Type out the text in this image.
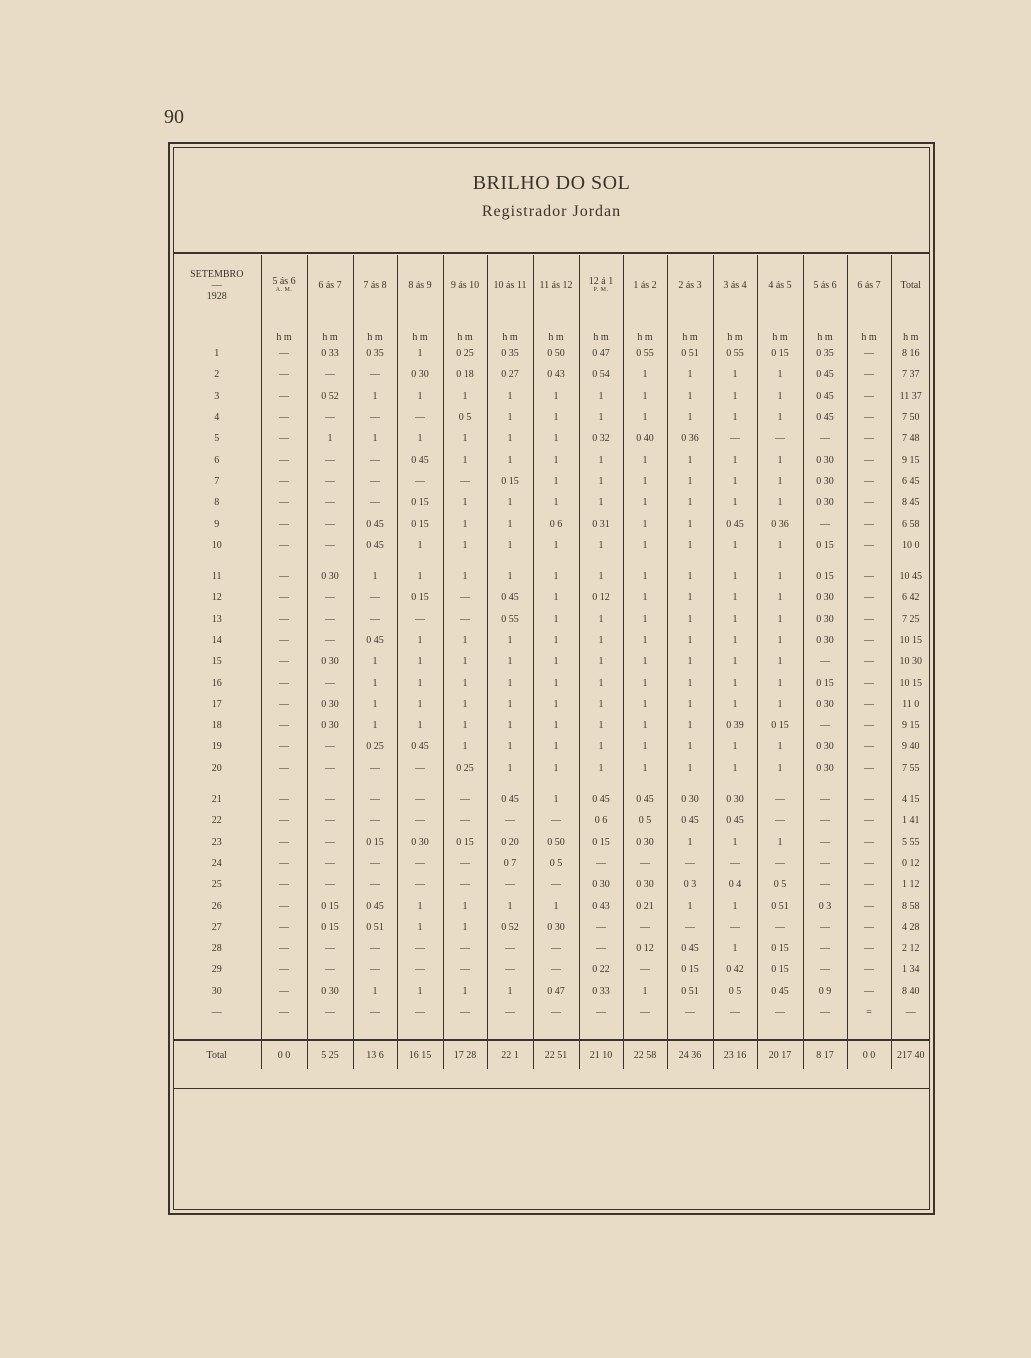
90
BRILHO DO SOL
Registrador Jordan
SETEMBRO
—
1928	5 ás 6
A. M.	6 ás 7	7 ás 8	8 ás 9	9 ás 10	10 ás 11	11 ás 12	12 á 1
P. M.	1 ás 2	2 ás 3	3 ás 4	4 ás 5	5 ás 6	6 ás 7	Total
	h m	h m	h m	h m	h m	h m	h m	h m	h m	h m	h m	h m	h m	h m	h m
1	—	0 33	0 35	1	0 25	0 35	0 50	0 47	0 55	0 51	0 55	0 15	0 35	—	8 16
2	—	—	—	0 30	0 18	0 27	0 43	0 54	1	1	1	1	0 45	—	7 37
3	—	0 52	1	1	1	1	1	1	1	1	1	1	0 45	—	11 37
4	—	—	—	—	0 5	1	1	1	1	1	1	1	0 45	—	7 50
5	—	1	1	1	1	1	1	0 32	0 40	0 36	—	—	—	—	7 48
6	—	—	—	0 45	1	1	1	1	1	1	1	1	0 30	—	9 15
7	—	—	—	—	—	0 15	1	1	1	1	1	1	0 30	—	6 45
8	—	—	—	0 15	1	1	1	1	1	1	1	1	0 30	—	8 45
9	—	—	0 45	0 15	1	1	0 6	0 31	1	1	0 45	0 36	—	—	6 58
10	—	—	0 45	1	1	1	1	1	1	1	1	1	0 15	—	10 0

11	—	0 30	1	1	1	1	1	1	1	1	1	1	0 15	—	10 45
12	—	—	—	0 15	—	0 45	1	0 12	1	1	1	1	0 30	—	6 42
13	—	—	—	—	—	0 55	1	1	1	1	1	1	0 30	—	7 25
14	—	—	0 45	1	1	1	1	1	1	1	1	1	0 30	—	10 15
15	—	0 30	1	1	1	1	1	1	1	1	1	1	—	—	10 30
16	—	—	1	1	1	1	1	1	1	1	1	1	0 15	—	10 15
17	—	0 30	1	1	1	1	1	1	1	1	1	1	0 30	—	11 0
18	—	0 30	1	1	1	1	1	1	1	1	0 39	0 15	—	—	9 15
19	—	—	0 25	0 45	1	1	1	1	1	1	1	1	0 30	—	9 40
20	—	—	—	—	0 25	1	1	1	1	1	1	1	0 30	—	7 55

21	—	—	—	—	—	0 45	1	0 45	0 45	0 30	0 30	—	—	—	4 15
22	—	—	—	—	—	—	—	0 6	0 5	0 45	0 45	—	—	—	1 41
23	—	—	0 15	0 30	0 15	0 20	0 50	0 15	0 30	1	1	1	—	—	5 55
24	—	—	—	—	—	0 7	0 5	—	—	—	—	—	—	—	0 12
25	—	—	—	—	—	—	—	0 30	0 30	0 3	0 4	0 5	—	—	1 12
26	—	0 15	0 45	1	1	1	1	0 43	0 21	1	1	0 51	0 3	—	8 58
27	—	0 15	0 51	1	1	0 52	0 30	—	—	—	—	—	—	—	4 28
28	—	—	—	—	—	—	—	—	0 12	0 45	1	0 15	—	—	2 12
29	—	—	—	—	—	—	—	0 22	—	0 15	0 42	0 15	—	—	1 34
30	—	0 30	1	1	1	1	0 47	0 33	1	0 51	0 5	0 45	0 9	—	8 40
—	—	—	—	—	—	—	—	—	—	—	—	—	—	=	—

Total	0 0	5 25	13 6	16 15	17 28	22 1	22 51	21 10	22 58	24 36	23 16	20 17	8 17	0 0	217 40
